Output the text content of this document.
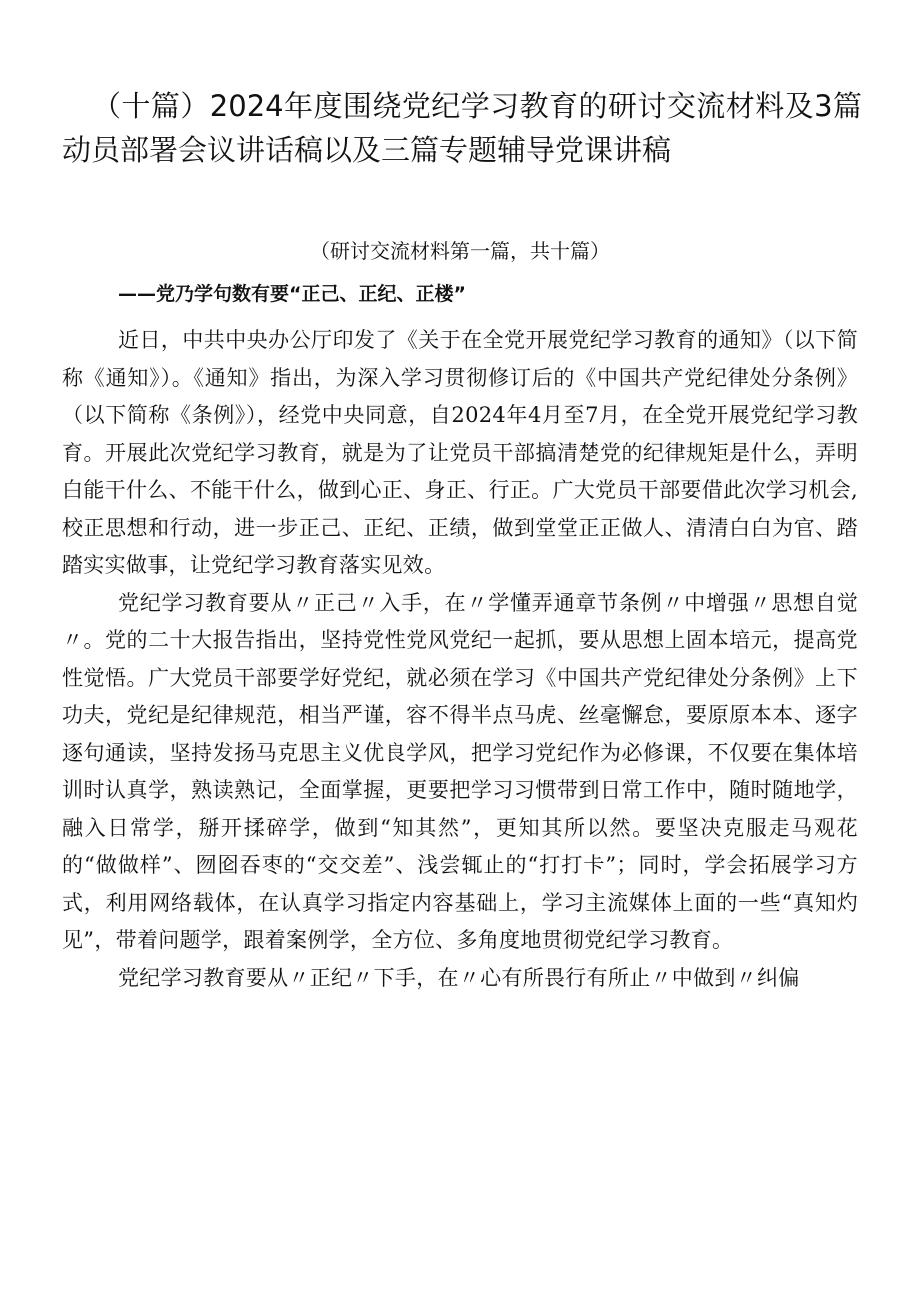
（十篇）2024年度围绕党纪学习教育的研讨交流材料及3篇动员部署会议讲话稿以及三篇专题辅导党课讲稿
（研讨交流材料第一篇，共十篇）
——党乃学句数有要“正己、正纪、正楼”

近日，中共中央办公厅印发了《关于在全党开展党纪学习教育的通知》（以下简称《通知》）。《通知》指出，为深入学习贯彻修订后的《中国共产党纪律处分条例》（以下简称《条例》），经党中央同意，自2024年4月至7月，在全党开展党纪学习教育。开展此次党纪学习教育，就是为了让党员干部搞清楚党的纪律规矩是什么，弄明白能干什么、不能干什么，做到心正、身正、行正。广大党员干部要借此次学习机会,校正思想和行动，进一步正己、正纪、正绩，做到堂堂正正做人、清清白白为官、踏踏实实做事，让党纪学习教育落实见效。

党纪学习教育要从〃正己〃入手，在〃学懂弄通章节条例〃中增强〃思想自觉〃。党的二十大报告指出，坚持党性党风党纪一起抓，要从思想上固本培元，提高党性觉悟。广大党员干部要学好党纪，就必须在学习《中国共产党纪律处分条例》上下功夫，党纪是纪律规范，相当严谨，容不得半点马虎、丝毫懈怠，要原原本本、逐字逐句通读，坚持发扬马克思主义优良学风，把学习党纪作为必修课，不仅要在集体培训时认真学，熟读熟记，全面掌握，更要把学习习惯带到日常工作中，随时随地学，融入日常学，掰开揉碎学，做到“知其然”，更知其所以然。要坚决克服走马观花的“做做样”、囫囵吞枣的“交交差”、浅尝辄止的“打打卡”；同时，学会拓展学习方式，利用网络载体，在认真学习指定内容基础上，学习主流媒体上面的一些“真知灼见”，带着问题学，跟着案例学，全方位、多角度地贯彻党纪学习教育。

党纪学习教育要从〃正纪〃下手，在〃心有所畏行有所止〃中做到〃纠偏
